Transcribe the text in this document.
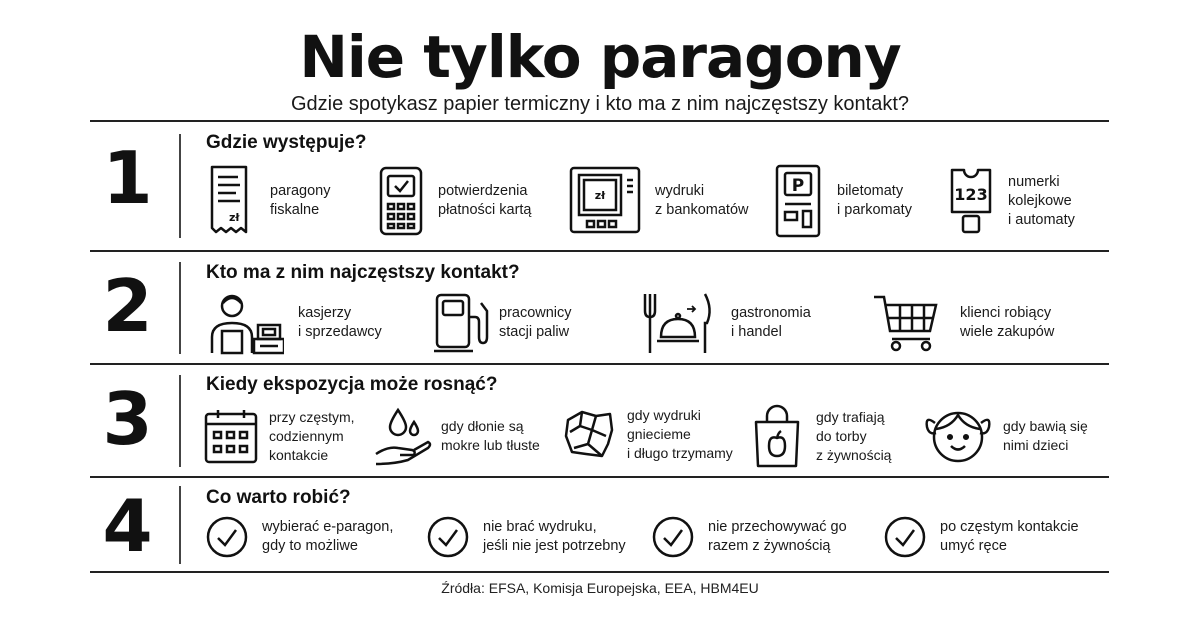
Nie tylko paragony
Gdzie spotykasz papier termiczny i kto ma z nim najczęstszy kontakt?
1	Gdzie występuje?
zł
paragony
fiskalne
potwierdzenia
płatności kartą
zł	wydruki
z bankomatów
P biletomaty
i parkomaty
123
numerki
kolejkowe
i automaty
2	Kto ma z nim najczęstszy kontakt?
kasjerzy
i sprzedawcy
pracownicy
stacji paliw
gastronomia
i handel
klienci robiący
wiele zakupów
3	Kiedy ekspozycja może rosnąć?
przy częstym,
codziennym
kontakcie
gdy dłonie są
mokre lub tłuste
gdy wydruki
gniecieme
i długo trzymamy
gdy trafiają
do torby
z żywnością
gdy bawią się
nimi dzieci
4	Co warto robić?
wybierać e-paragon,
gdy to możliwe
nie brać wydruku,
jeśli nie jest potrzebny
nie przechowywać go
razem z żywnością
po częstym kontakcie
umyć ręce
Źródła: EFSA, Komisja Europejska, EEA, HBM4EU
